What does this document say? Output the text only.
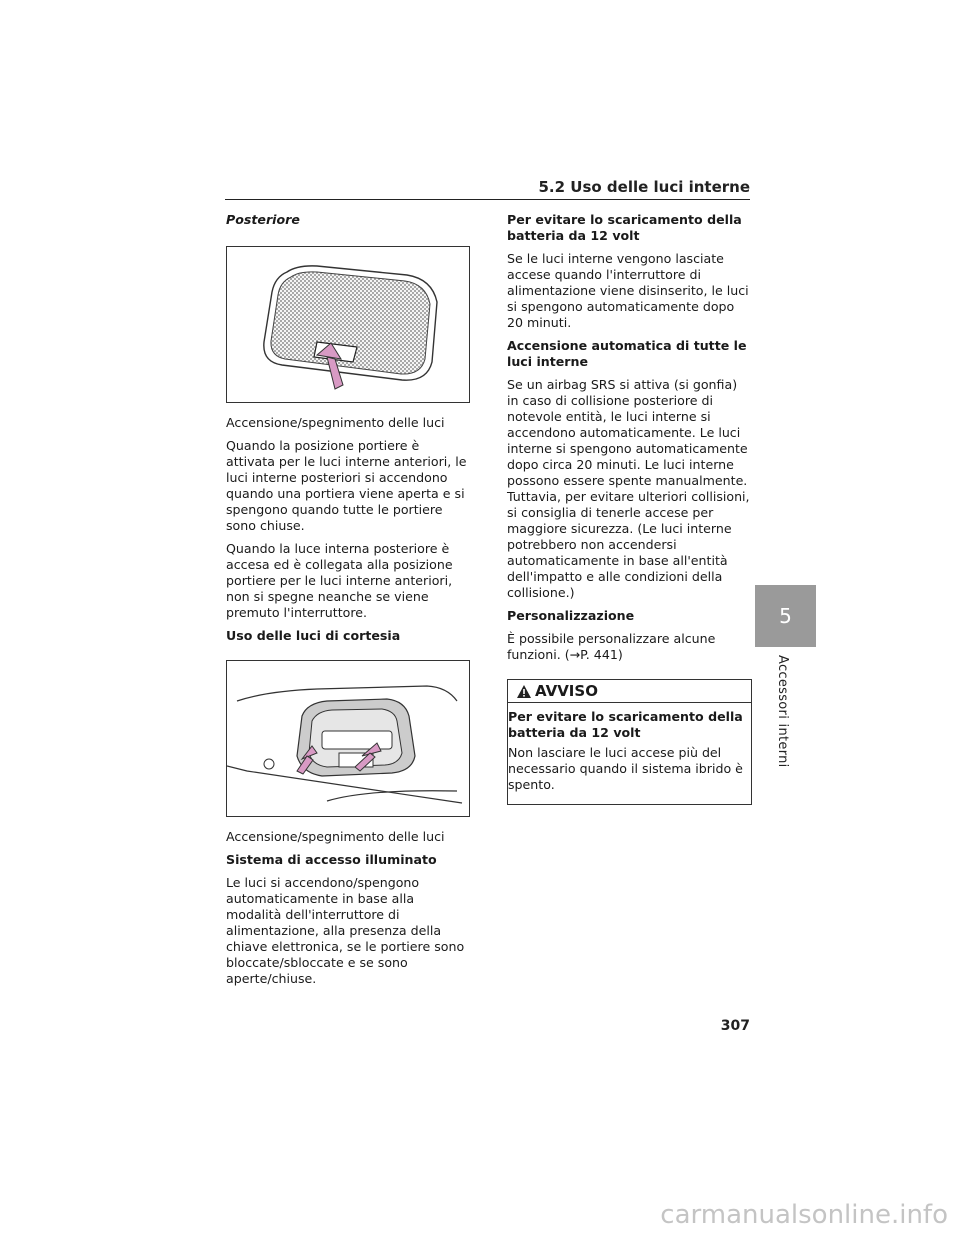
5.2 Uso delle luci interne
Posteriore

Accensione/spegnimento delle luci

Quando la posizione portiere è attivata per le luci interne anteriori, le luci interne posteriori si accendono quando una portiera viene aperta e si spengono quando tutte le portiere sono chiuse.

Quando la luce interna posteriore è accesa ed è collegata alla posizione portiere per le luci interne anteriori, non si spegne neanche se viene premuto l'interruttore.

Uso delle luci di cortesia

Accensione/spegnimento delle luci

Sistema di accesso illuminato

Le luci si accendono/spengono automaticamente in base alla modalità dell'interruttore di alimentazione, alla presenza della chiave elettronica, se le portiere sono bloccate/sbloccate e se sono aperte/chiuse.

Per evitare lo scaricamento della batteria da 12 volt

Se le luci interne vengono lasciate accese quando l'interruttore di alimentazione viene disinserito, le luci si spengono automaticamente dopo 20 minuti.

Accensione automatica di tutte le luci interne

Se un airbag SRS si attiva (si gonfia) in caso di collisione posteriore di notevole entità, le luci interne si accendono automaticamente. Le luci interne si spengono automaticamente dopo circa 20 minuti. Le luci interne possono essere spente manualmente. Tuttavia, per evitare ulteriori collisioni, si consiglia di tenerle accese per maggiore sicurezza. (Le luci interne potrebbero non accendersi automaticamente in base all'entità dell'impatto e alle condizioni della collisione.)

Personalizzazione

È possibile personalizzare alcune funzioni. (→P. 441)

AVVISO

Per evitare lo scaricamento della batteria da 12 volt

Non lasciare le luci accese più del necessario quando il sistema ibrido è spento.

5
Accessori interni
307
carmanualsonline.info
